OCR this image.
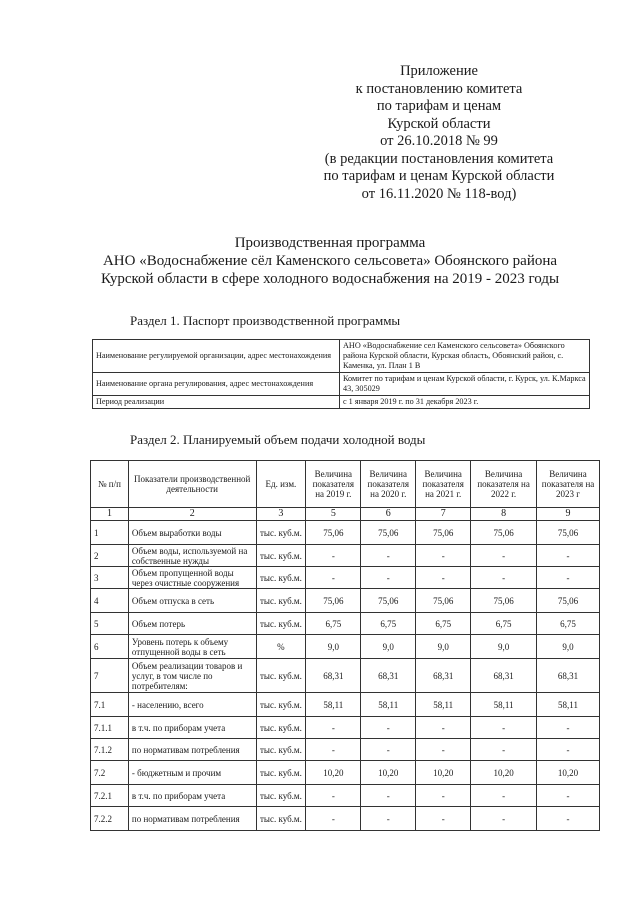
Приложение
к постановлению комитета
по тарифам и ценам
Курской области
от 26.10.2018 № 99
(в редакции постановления комитета
по тарифам и ценам Курской области
от 16.11.2020 № 118-вод)
Производственная программа
АНО «Водоснабжение сёл Каменского сельсовета» Обоянского района
Курской области в сфере холодного водоснабжения на 2019 - 2023 годы
Раздел 1. Паспорт производственной программы
Наименование регулируемой организации, адрес местонахождения	АНО «Водоснабжение сел Каменского сельсовета» Обоянского района Курской области, Курская область, Обоянский район, с. Каменка, ул. План 1 В
Наименование органа регулирования, адрес местонахождения	Комитет по тарифам и ценам Курской области, г. Курск, ул. К.Маркса 43, 305029
Период реализации	с 1 января 2019 г. по 31 декабря 2023 г.
Раздел 2. Планируемый объем подачи холодной воды
№ п/п	Показатели производственной деятельности	Ед. изм.	Величина показателя на 2019 г.	Величина показателя на 2020 г.	Величина показателя на 2021 г.	Величина показателя на 2022 г.	Величина показателя на 2023 г
1	2	3	5	6	7	8	9
1	Объем выработки воды	тыс. куб.м.	75,06	75,06	75,06	75,06	75,06
2	Объем воды, используемой на собственные нужды	тыс. куб.м.	-	-	-	-	-
3	Объем пропущенной воды через очистные сооружения	тыс. куб.м.	-	-	-	-	-
4	Объем отпуска в сеть	тыс. куб.м.	75,06	75,06	75,06	75,06	75,06
5	Объем потерь	тыс. куб.м.	6,75	6,75	6,75	6,75	6,75
6	Уровень потерь к объему отпущенной воды в сеть	%	9,0	9,0	9,0	9,0	9,0
7	Объем реализации товаров и услуг, в том числе по потребителям:	тыс. куб.м.	68,31	68,31	68,31	68,31	68,31
7.1	- населению, всего	тыс. куб.м.	58,11	58,11	58,11	58,11	58,11
7.1.1	в т.ч. по приборам учета	тыс. куб.м.	-	-	-	-	-
7.1.2	по нормативам потребления	тыс. куб.м.	-	-	-	-	-
7.2	- бюджетным и прочим	тыс. куб.м.	10,20	10,20	10,20	10,20	10,20
7.2.1	в т.ч. по приборам учета	тыс. куб.м.	-	-	-	-	-
7.2.2	по нормативам потребления	тыс. куб.м.	-	-	-	-	-
